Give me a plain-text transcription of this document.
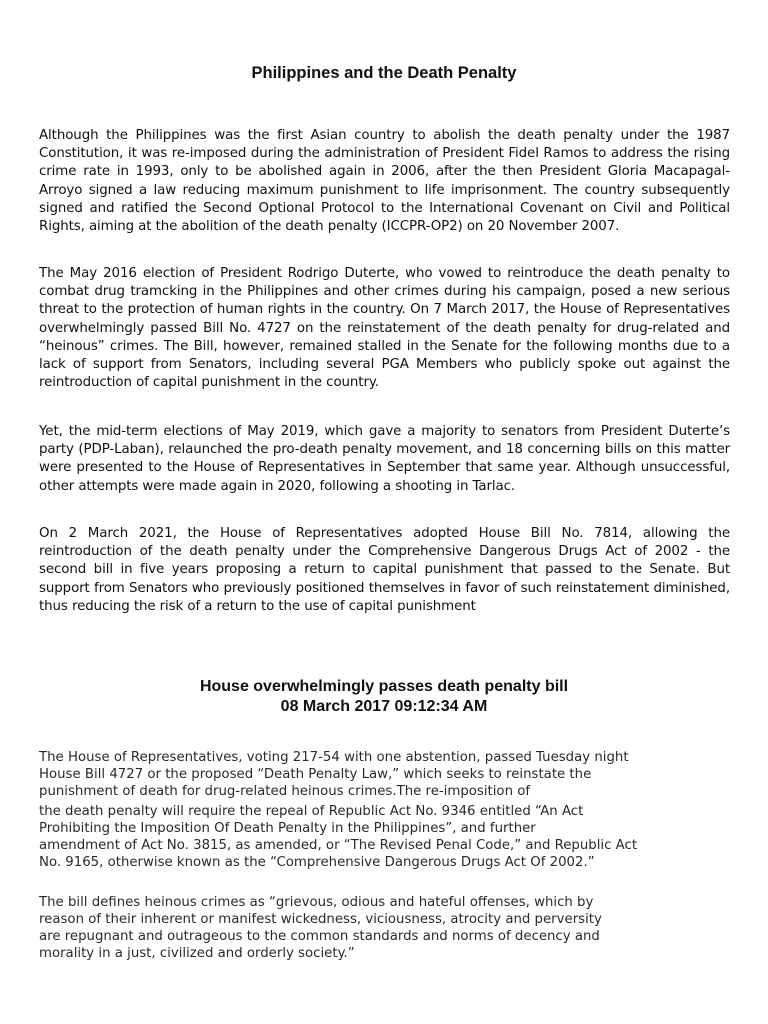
Philippines and the Death Penalty

Although the Philippines was the first Asian country to abolish the death penalty under the 1987 Constitution, it was re-imposed during the administration of President Fidel Ramos to address the rising crime rate in 1993, only to be abolished again in 2006, after the then President Gloria Macapagal-Arroyo signed a law reducing maximum punishment to life imprisonment. The country subsequently signed and ratified the Second Optional Protocol to the International Covenant on Civil and Political Rights, aiming at the abolition of the death penalty (ICCPR-OP2) on 20 November 2007.

The May 2016 election of President Rodrigo Duterte, who vowed to reintroduce the death penalty to combat drug tramcking in the Philippines and other crimes during his campaign, posed a new serious threat to the protection of human rights in the country. On 7 March 2017, the House of Representatives overwhelmingly passed Bill No. 4727 on the reinstatement of the death penalty for drug-related and “heinous” crimes. The Bill, however, remained stalled in the Senate for the following months due to a lack of support from Senators, including several PGA Members who publicly spoke out against the reintroduction of capital punishment in the country.

Yet, the mid-term elections of May 2019, which gave a majority to senators from President Duterte’s party (PDP-Laban), relaunched the pro-death penalty movement, and 18 concerning bills on this matter were presented to the House of Representatives in September that same year. Although unsuccessful, other attempts were made again in 2020, following a shooting in Tarlac.

On 2 March 2021, the House of Representatives adopted House Bill No. 7814, allowing the reintroduction of the death penalty under the Comprehensive Dangerous Drugs Act of 2002 - the second bill in five years proposing a return to capital punishment that passed to the Senate. But support from Senators who previously positioned themselves in favor of such reinstatement diminished, thus reducing the risk of a return to the use of capital punishment

House overwhelmingly passes death penalty bill
08 March 2017 09:12:34 AM
The House of Representatives, voting 217-54 with one abstention, passed Tuesday night
House Bill 4727 or the proposed “Death Penalty Law,” which seeks to reinstate the
punishment of death for drug-related heinous crimes.The re-imposition of
the death penalty will require the repeal of Republic Act No. 9346 entitled “An Act
Prohibiting the Imposition Of Death Penalty in the Philippines”, and further
amendment of Act No. 3815, as amended, or “The Revised Penal Code,” and Republic Act
No. 9165, otherwise known as the “Comprehensive Dangerous Drugs Act Of 2002.”
The bill defines heinous crimes as “grievous, odious and hateful offenses, which by
reason of their inherent or manifest wickedness, viciousness, atrocity and perversity
are repugnant and outrageous to the common standards and norms of decency and
morality in a just, civilized and orderly society.”
